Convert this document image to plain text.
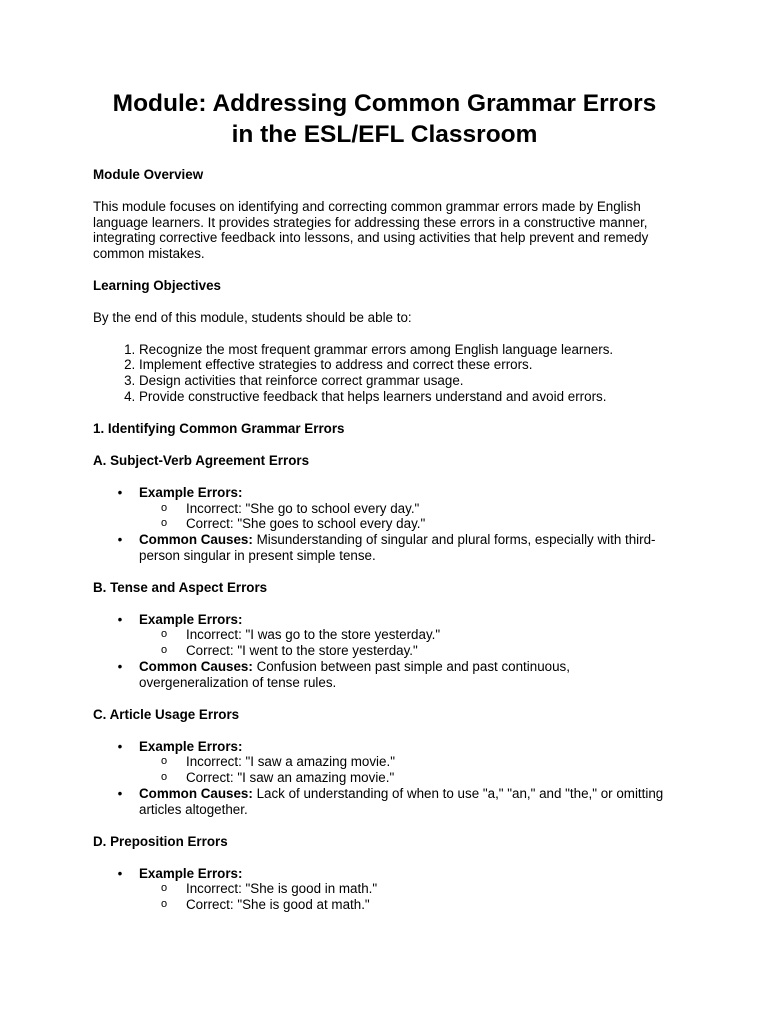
Module: Addressing Common Grammar Errors
in the ESL/EFL Classroom
Module Overview

This module focuses on identifying and correcting common grammar errors made by English language learners. It provides strategies for addressing these errors in a constructive manner, integrating corrective feedback into lessons, and using activities that help prevent and remedy common mistakes.

Learning Objectives

By the end of this module, students should be able to:

1. Recognize the most frequent grammar errors among English language learners.
2. Implement effective strategies to address and correct these errors.
3. Design activities that reinforce correct grammar usage.
4. Provide constructive feedback that helps learners understand and avoid errors.
1. Identifying Common Grammar Errors
A. Subject-Verb Agreement Errors
• Example Errors:
o Incorrect: "She go to school every day."
o Correct: "She goes to school every day."
• Common Causes: Misunderstanding of singular and plural forms, especially with third-person singular in present simple tense.
B. Tense and Aspect Errors
• Example Errors:
o Incorrect: "I was go to the store yesterday."
o Correct: "I went to the store yesterday."
• Common Causes: Confusion between past simple and past continuous, overgeneralization of tense rules.
C. Article Usage Errors
• Example Errors:
o Incorrect: "I saw a amazing movie."
o Correct: "I saw an amazing movie."
• Common Causes: Lack of understanding of when to use "a," "an," and "the," or omitting articles altogether.
D. Preposition Errors
• Example Errors:
o Incorrect: "She is good in math."
o Correct: "She is good at math."
